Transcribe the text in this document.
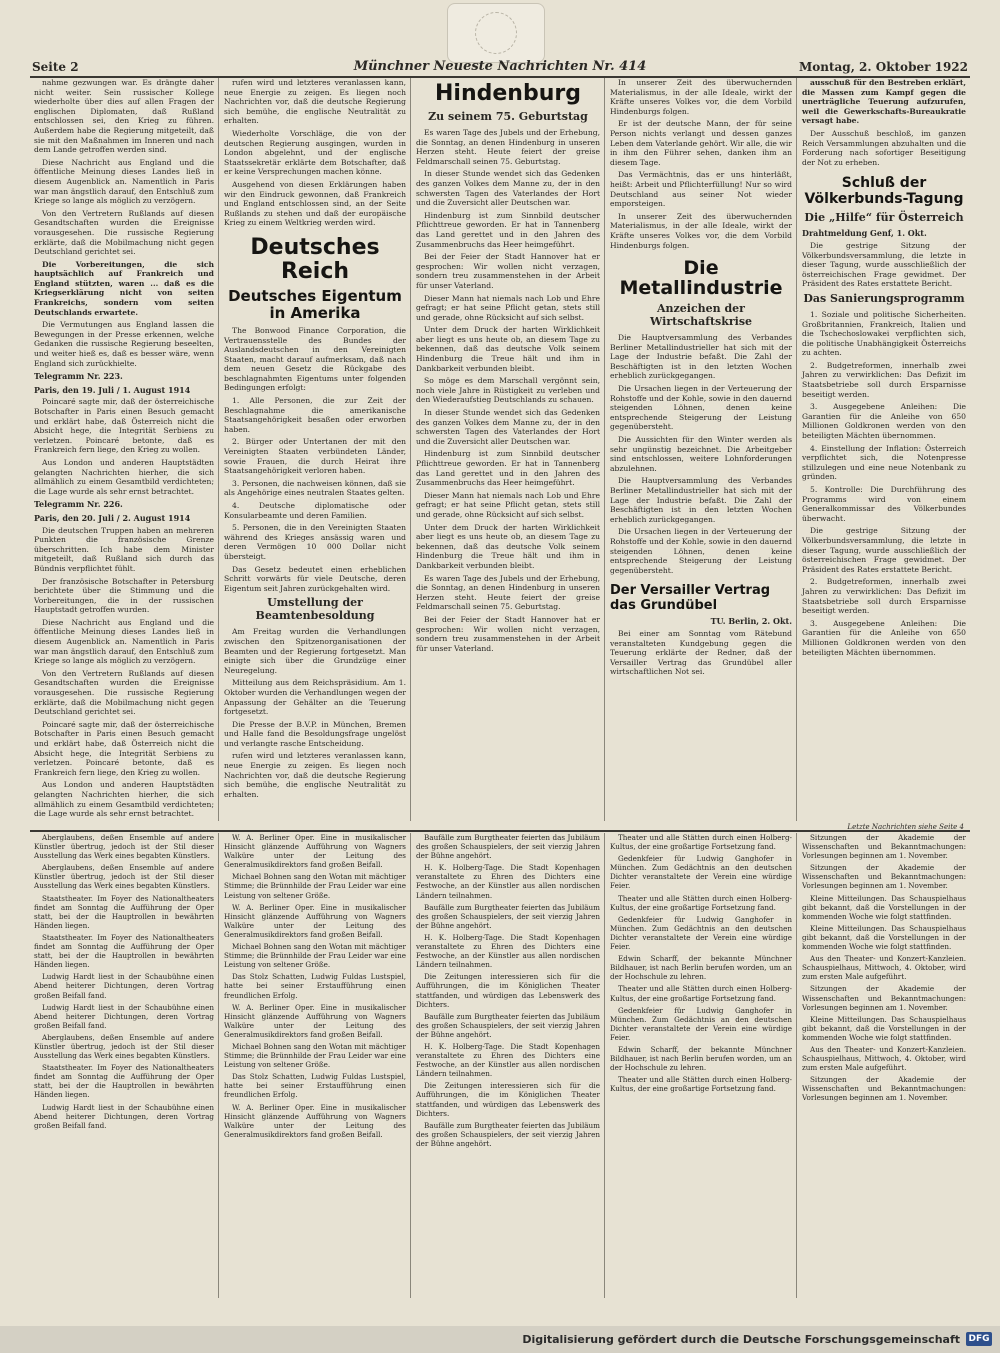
Seite 2	Münchner Neueste Nachrichten Nr. 414	Montag, 2. Oktober 1922

nahme gezwungen war. Es drängte daher nicht weiter. Sein russischer Kollege wiederholte über dies auf allen Fragen der englischen Diplomaten, daß Rußland entschlossen sei, den Krieg zu führen. Außerdem habe die Regierung mitgeteilt, daß sie mit den Maßnahmen im Inneren und nach dem Lande getroffen werden sind.

Diese Nachricht aus England und die öffentliche Meinung dieses Landes ließ in diesem Augenblick an. Namentlich in Paris war man ängstlich darauf, den Entschluß zum Kriege so lange als möglich zu verzögern.

Von den Vertretern Rußlands auf diesen Gesandtschaften wurden die Ereignisse vorausgesehen. Die russische Regierung erklärte, daß die Mobilmachung nicht gegen Deutschland gerichtet sei.

Die Vorbereitungen, die sich hauptsächlich auf Frankreich und England stützten, waren ... daß es die Kriegserklärung nicht von seiten Frankreichs, sondern vom seiten Deutschlands erwartete.

Die Vermutungen aus England lassen die Bewegungen in der Presse erkennen, welche Gedanken die russische Regierung beseelten, und weiter hieß es, daß es besser wäre, wenn England sich zurückhielte.

Telegramm Nr. 223.
Paris, den 19. Juli / 1. August 1914

Poincaré sagte mir, daß der österreichische Botschafter in Paris einen Besuch gemacht und erklärt habe, daß Österreich nicht die Absicht hege, die Integrität Serbiens zu verletzen. Poincaré betonte, daß es Frankreich fern liege, den Krieg zu wollen.

Aus London und anderen Hauptstädten gelangten Nachrichten hierher, die sich allmählich zu einem Gesamtbild verdichteten; die Lage wurde als sehr ernst betrachtet.

Telegramm Nr. 226.
Paris, den 20. Juli / 2. August 1914

Die deutschen Truppen haben an mehreren Punkten die französische Grenze überschritten. Ich habe dem Minister mitgeteilt, daß Rußland sich durch das Bündnis verpflichtet fühlt.

Der französische Botschafter in Petersburg berichtete über die Stimmung und die Vorbereitungen, die in der russischen Hauptstadt getroffen wurden.

Diese Nachricht aus England und die öffentliche Meinung dieses Landes ließ in diesem Augenblick an. Namentlich in Paris war man ängstlich darauf, den Entschluß zum Kriege so lange als möglich zu verzögern.

Von den Vertretern Rußlands auf diesen Gesandtschaften wurden die Ereignisse vorausgesehen. Die russische Regierung erklärte, daß die Mobilmachung nicht gegen Deutschland gerichtet sei.

Poincaré sagte mir, daß der österreichische Botschafter in Paris einen Besuch gemacht und erklärt habe, daß Österreich nicht die Absicht hege, die Integrität Serbiens zu verletzen. Poincaré betonte, daß es Frankreich fern liege, den Krieg zu wollen.

Aus London und anderen Hauptstädten gelangten Nachrichten hierher, die sich allmählich zu einem Gesamtbild verdichteten; die Lage wurde als sehr ernst betrachtet.

rufen wird und letzteres veranlassen kann, neue Energie zu zeigen. Es liegen noch Nachrichten vor, daß die deutsche Regierung sich bemühe, die englische Neutralität zu erhalten.

Wiederholte Vorschläge, die von der deutschen Regierung ausgingen, wurden in London abgelehnt, und der englische Staatssekretär erklärte dem Botschafter, daß er keine Versprechungen machen könne.

Ausgehend von diesen Erklärungen haben wir den Eindruck gewonnen, daß Frankreich und England entschlossen sind, an der Seite Rußlands zu stehen und daß der europäische Krieg zu einem Weltkrieg werden wird.

Deutsches Reich
Deutsches Eigentum in Amerika

The Bonwood Finance Corporation, die Vertrauensstelle des Bundes der Auslandsdeutschen in den Vereinigten Staaten, macht darauf aufmerksam, daß nach dem neuen Gesetz die Rückgabe des beschlagnahmten Eigentums unter folgenden Bedingungen erfolgt:

1. Alle Personen, die zur Zeit der Beschlagnahme die amerikanische Staatsangehörigkeit besaßen oder erworben haben.

2. Bürger oder Untertanen der mit den Vereinigten Staaten verbündeten Länder, sowie Frauen, die durch Heirat ihre Staatsangehörigkeit verloren haben.

3. Personen, die nachweisen können, daß sie als Angehörige eines neutralen Staates gelten.

4. Deutsche diplomatische oder Konsularbeamte und deren Familien.

5. Personen, die in den Vereinigten Staaten während des Krieges ansässig waren und deren Vermögen 10 000 Dollar nicht übersteigt.

Das Gesetz bedeutet einen erheblichen Schritt vorwärts für viele Deutsche, deren Eigentum seit Jahren zurückgehalten wird.

Umstellung der Beamtenbesoldung

Am Freitag wurden die Verhandlungen zwischen den Spitzenorganisationen der Beamten und der Regierung fortgesetzt. Man einigte sich über die Grundzüge einer Neuregelung.

Mitteilung aus dem Reichspräsidium. Am 1. Oktober wurden die Verhandlungen wegen der Anpassung der Gehälter an die Teuerung fortgesetzt.

Die Presse der B.V.P. in München, Bremen und Halle fand die Besoldungsfrage ungelöst und verlangte rasche Entscheidung.

rufen wird und letzteres veranlassen kann, neue Energie zu zeigen. Es liegen noch Nachrichten vor, daß die deutsche Regierung sich bemühe, die englische Neutralität zu erhalten.

Hindenburg
Zu seinem 75. Geburtstag

Es waren Tage des Jubels und der Erhebung, die Sonntag, an denen Hindenburg in unseren Herzen steht. Heute feiert der greise Feldmarschall seinen 75. Geburtstag.

In dieser Stunde wendet sich das Gedenken des ganzen Volkes dem Manne zu, der in den schwersten Tagen des Vaterlandes der Hort und die Zuversicht aller Deutschen war.

Hindenburg ist zum Sinnbild deutscher Pflichttreue geworden. Er hat in Tannenberg das Land gerettet und in den Jahren des Zusammenbruchs das Heer heimgeführt.

Bei der Feier der Stadt Hannover hat er gesprochen: Wir wollen nicht verzagen, sondern treu zusammenstehen in der Arbeit für unser Vaterland.

Dieser Mann hat niemals nach Lob und Ehre gefragt; er hat seine Pflicht getan, stets still und gerade, ohne Rücksicht auf sich selbst.

Unter dem Druck der harten Wirklichkeit aber liegt es uns heute ob, an diesem Tage zu bekennen, daß das deutsche Volk seinem Hindenburg die Treue hält und ihm in Dankbarkeit verbunden bleibt.

So möge es dem Marschall vergönnt sein, noch viele Jahre in Rüstigkeit zu verleben und den Wiederaufstieg Deutschlands zu schauen.

In dieser Stunde wendet sich das Gedenken des ganzen Volkes dem Manne zu, der in den schwersten Tagen des Vaterlandes der Hort und die Zuversicht aller Deutschen war.

Hindenburg ist zum Sinnbild deutscher Pflichttreue geworden. Er hat in Tannenberg das Land gerettet und in den Jahren des Zusammenbruchs das Heer heimgeführt.

Dieser Mann hat niemals nach Lob und Ehre gefragt; er hat seine Pflicht getan, stets still und gerade, ohne Rücksicht auf sich selbst.

Unter dem Druck der harten Wirklichkeit aber liegt es uns heute ob, an diesem Tage zu bekennen, daß das deutsche Volk seinem Hindenburg die Treue hält und ihm in Dankbarkeit verbunden bleibt.

Es waren Tage des Jubels und der Erhebung, die Sonntag, an denen Hindenburg in unseren Herzen steht. Heute feiert der greise Feldmarschall seinen 75. Geburtstag.

Bei der Feier der Stadt Hannover hat er gesprochen: Wir wollen nicht verzagen, sondern treu zusammenstehen in der Arbeit für unser Vaterland.

In unserer Zeit des überwuchernden Materialismus, in der alle Ideale, wirkt der Kräfte unseres Volkes vor, die dem Vorbild Hindenburgs folgen.

Er ist der deutsche Mann, der für seine Person nichts verlangt und dessen ganzes Leben dem Vaterlande gehört. Wir alle, die wir in ihm den Führer sehen, danken ihm an diesem Tage.

Das Vermächtnis, das er uns hinterläßt, heißt: Arbeit und Pflichterfüllung! Nur so wird Deutschland aus seiner Not wieder emporsteigen.

In unserer Zeit des überwuchernden Materialismus, in der alle Ideale, wirkt der Kräfte unseres Volkes vor, die dem Vorbild Hindenburgs folgen.

Die Metallindustrie
Anzeichen der Wirtschaftskrise

Die Hauptversammlung des Verbandes Berliner Metallindustrieller hat sich mit der Lage der Industrie befaßt. Die Zahl der Beschäftigten ist in den letzten Wochen erheblich zurückgegangen.

Die Ursachen liegen in der Verteuerung der Rohstoffe und der Kohle, sowie in den dauernd steigenden Löhnen, denen keine entsprechende Steigerung der Leistung gegenübersteht.

Die Aussichten für den Winter werden als sehr ungünstig bezeichnet. Die Arbeitgeber sind entschlossen, weitere Lohnforderungen abzulehnen.

Die Hauptversammlung des Verbandes Berliner Metallindustrieller hat sich mit der Lage der Industrie befaßt. Die Zahl der Beschäftigten ist in den letzten Wochen erheblich zurückgegangen.

Die Ursachen liegen in der Verteuerung der Rohstoffe und der Kohle, sowie in den dauernd steigenden Löhnen, denen keine entsprechende Steigerung der Leistung gegenübersteht.

Der Versailler Vertrag das Grundübel
TU. Berlin, 2. Okt.

Bei einer am Sonntag vom Rätebund veranstalteten Kundgebung gegen die Teuerung erklärte der Redner, daß der Versailler Vertrag das Grundübel aller wirtschaftlichen Not sei.

ausschuß für den Bestreben erklärt, die Massen zum Kampf gegen die unerträgliche Teuerung aufzurufen, weil die Gewerkschafts-Bureaukratie versagt habe.

Der Ausschuß beschloß, im ganzen Reich Versammlungen abzuhalten und die Forderung nach sofortiger Beseitigung der Not zu erheben.

Schluß der Völkerbunds-Tagung
Die „Hilfe“ für Österreich
Drahtmeldung Genf, 1. Okt.

Die gestrige Sitzung der Völkerbundsversammlung, die letzte in dieser Tagung, wurde ausschließlich der österreichischen Frage gewidmet. Der Präsident des Rates erstattete Bericht.

Das Sanierungsprogramm

1. Soziale und politische Sicherheiten. Großbritannien, Frankreich, Italien und die Tschechoslowakei verpflichten sich, die politische Unabhängigkeit Österreichs zu achten.

2. Budgetreformen, innerhalb zwei Jahren zu verwirklichen: Das Defizit im Staatsbetriebe soll durch Ersparnisse beseitigt werden.

3. Ausgegebene Anleihen: Die Garantien für die Anleihe von 650 Millionen Goldkronen werden von den beteiligten Mächten übernommen.

4. Einstellung der Inflation: Österreich verpflichtet sich, die Notenpresse stillzulegen und eine neue Notenbank zu gründen.

5. Kontrolle: Die Durchführung des Programms wird von einem Generalkommissar des Völkerbundes überwacht.

Die gestrige Sitzung der Völkerbundsversammlung, die letzte in dieser Tagung, wurde ausschließlich der österreichischen Frage gewidmet. Der Präsident des Rates erstattete Bericht.

2. Budgetreformen, innerhalb zwei Jahren zu verwirklichen: Das Defizit im Staatsbetriebe soll durch Ersparnisse beseitigt werden.

3. Ausgegebene Anleihen: Die Garantien für die Anleihe von 650 Millionen Goldkronen werden von den beteiligten Mächten übernommen.

Letzte Nachrichten siehe Seite 4

Aberglaubens, deßen Ensemble auf andere Künstler übertrug, jedoch ist der Stil dieser Ausstellung das Werk eines begabten Künstlers.

Aberglaubens, deßen Ensemble auf andere Künstler übertrug, jedoch ist der Stil dieser Ausstellung das Werk eines begabten Künstlers.

Staatstheater. Im Foyer des Nationaltheaters findet am Sonntag die Aufführung der Oper statt, bei der die Hauptrollen in bewährten Händen liegen.

Staatstheater. Im Foyer des Nationaltheaters findet am Sonntag die Aufführung der Oper statt, bei der die Hauptrollen in bewährten Händen liegen.

Ludwig Hardt liest in der Schaubühne einen Abend heiterer Dichtungen, deren Vortrag großen Beifall fand.

Ludwig Hardt liest in der Schaubühne einen Abend heiterer Dichtungen, deren Vortrag großen Beifall fand.

Aberglaubens, deßen Ensemble auf andere Künstler übertrug, jedoch ist der Stil dieser Ausstellung das Werk eines begabten Künstlers.

Staatstheater. Im Foyer des Nationaltheaters findet am Sonntag die Aufführung der Oper statt, bei der die Hauptrollen in bewährten Händen liegen.

Ludwig Hardt liest in der Schaubühne einen Abend heiterer Dichtungen, deren Vortrag großen Beifall fand.

W. A. Berliner Oper. Eine in musikalischer Hinsicht glänzende Aufführung von Wagners Walküre unter der Leitung des Generalmusikdirektors fand großen Beifall.

Michael Bohnen sang den Wotan mit mächtiger Stimme; die Brünnhilde der Frau Leider war eine Leistung von seltener Größe.

W. A. Berliner Oper. Eine in musikalischer Hinsicht glänzende Aufführung von Wagners Walküre unter der Leitung des Generalmusikdirektors fand großen Beifall.

Michael Bohnen sang den Wotan mit mächtiger Stimme; die Brünnhilde der Frau Leider war eine Leistung von seltener Größe.

Das Stolz Schatten, Ludwig Fuldas Lustspiel, hatte bei seiner Erstaufführung einen freundlichen Erfolg.

W. A. Berliner Oper. Eine in musikalischer Hinsicht glänzende Aufführung von Wagners Walküre unter der Leitung des Generalmusikdirektors fand großen Beifall.

Michael Bohnen sang den Wotan mit mächtiger Stimme; die Brünnhilde der Frau Leider war eine Leistung von seltener Größe.

Das Stolz Schatten, Ludwig Fuldas Lustspiel, hatte bei seiner Erstaufführung einen freundlichen Erfolg.

W. A. Berliner Oper. Eine in musikalischer Hinsicht glänzende Aufführung von Wagners Walküre unter der Leitung des Generalmusikdirektors fand großen Beifall.

Baufälle zum Burgtheater feierten das Jubiläum des großen Schauspielers, der seit vierzig Jahren der Bühne angehört.

H. K. Holberg-Tage. Die Stadt Kopenhagen veranstaltete zu Ehren des Dichters eine Festwoche, an der Künstler aus allen nordischen Ländern teilnahmen.

Baufälle zum Burgtheater feierten das Jubiläum des großen Schauspielers, der seit vierzig Jahren der Bühne angehört.

H. K. Holberg-Tage. Die Stadt Kopenhagen veranstaltete zu Ehren des Dichters eine Festwoche, an der Künstler aus allen nordischen Ländern teilnahmen.

Die Zeitungen interessieren sich für die Aufführungen, die im Königlichen Theater stattfanden, und würdigen das Lebenswerk des Dichters.

Baufälle zum Burgtheater feierten das Jubiläum des großen Schauspielers, der seit vierzig Jahren der Bühne angehört.

H. K. Holberg-Tage. Die Stadt Kopenhagen veranstaltete zu Ehren des Dichters eine Festwoche, an der Künstler aus allen nordischen Ländern teilnahmen.

Die Zeitungen interessieren sich für die Aufführungen, die im Königlichen Theater stattfanden, und würdigen das Lebenswerk des Dichters.

Baufälle zum Burgtheater feierten das Jubiläum des großen Schauspielers, der seit vierzig Jahren der Bühne angehört.

Theater und alle Stätten durch einen Holberg-Kultus, der eine großartige Fortsetzung fand.

Gedenkfeier für Ludwig Ganghofer in München. Zum Gedächtnis an den deutschen Dichter veranstaltete der Verein eine würdige Feier.

Theater und alle Stätten durch einen Holberg-Kultus, der eine großartige Fortsetzung fand.

Gedenkfeier für Ludwig Ganghofer in München. Zum Gedächtnis an den deutschen Dichter veranstaltete der Verein eine würdige Feier.

Edwin Scharff, der bekannte Münchner Bildhauer, ist nach Berlin berufen worden, um an der Hochschule zu lehren.

Theater und alle Stätten durch einen Holberg-Kultus, der eine großartige Fortsetzung fand.

Gedenkfeier für Ludwig Ganghofer in München. Zum Gedächtnis an den deutschen Dichter veranstaltete der Verein eine würdige Feier.

Edwin Scharff, der bekannte Münchner Bildhauer, ist nach Berlin berufen worden, um an der Hochschule zu lehren.

Theater und alle Stätten durch einen Holberg-Kultus, der eine großartige Fortsetzung fand.

Sitzungen der Akademie der Wissenschaften und Bekanntmachungen: Vorlesungen beginnen am 1. November.

Sitzungen der Akademie der Wissenschaften und Bekanntmachungen: Vorlesungen beginnen am 1. November.

Kleine Mitteilungen. Das Schauspielhaus gibt bekannt, daß die Vorstellungen in der kommenden Woche wie folgt stattfinden.

Kleine Mitteilungen. Das Schauspielhaus gibt bekannt, daß die Vorstellungen in der kommenden Woche wie folgt stattfinden.

Aus den Theater- und Konzert-Kanzleien. Schauspielhaus, Mittwoch, 4. Oktober, wird zum ersten Male aufgeführt.

Sitzungen der Akademie der Wissenschaften und Bekanntmachungen: Vorlesungen beginnen am 1. November.

Kleine Mitteilungen. Das Schauspielhaus gibt bekannt, daß die Vorstellungen in der kommenden Woche wie folgt stattfinden.

Aus den Theater- und Konzert-Kanzleien. Schauspielhaus, Mittwoch, 4. Oktober, wird zum ersten Male aufgeführt.

Sitzungen der Akademie der Wissenschaften und Bekanntmachungen: Vorlesungen beginnen am 1. November.

Digitalisierung gefördert durch die Deutsche Forschungsgemeinschaft DFG
